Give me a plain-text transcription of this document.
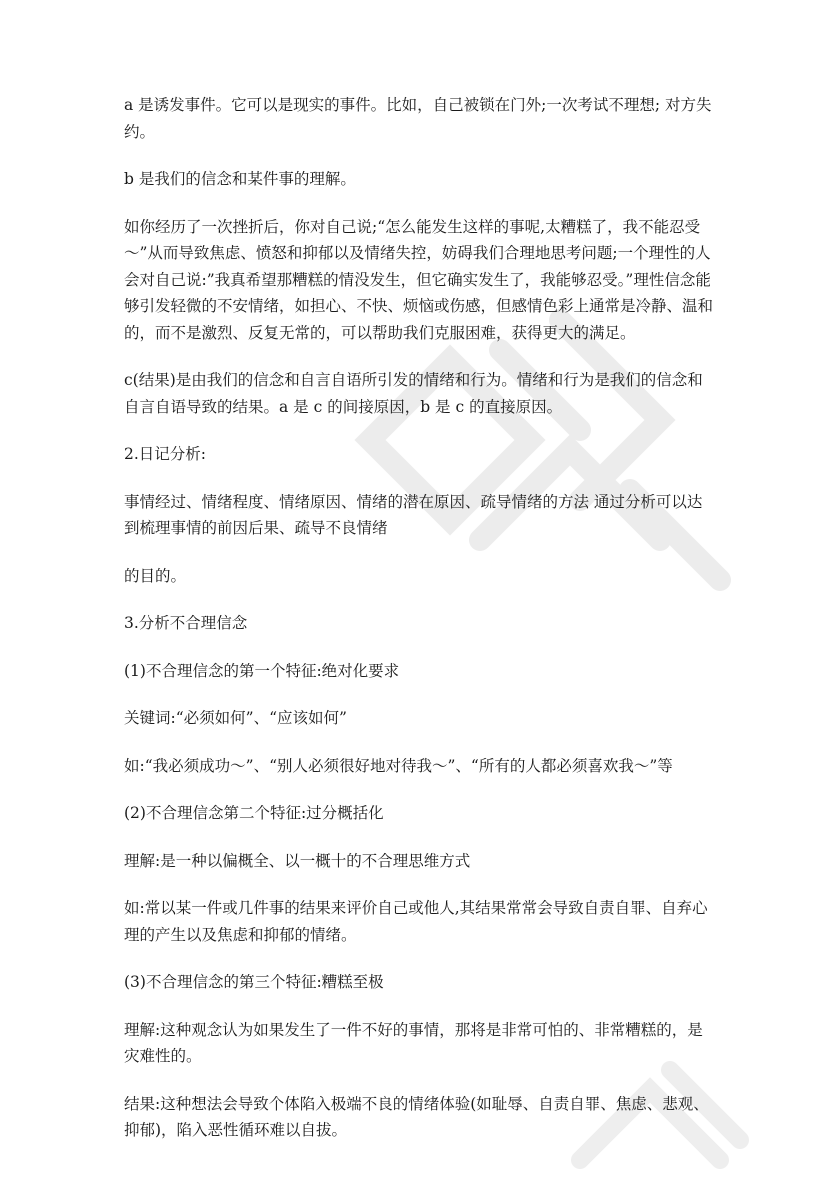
a 是诱发事件。它可以是现实的事件。比如，自己被锁在门外;一次考试不理想; 对方失约。

b 是我们的信念和某件事的理解。

如你经历了一次挫折后，你对自己说;“怎么能发生这样的事呢,太糟糕了，我不能忍受～”从而导致焦虑、愤怒和抑郁以及情绪失控，妨碍我们合理地思考问题;一个理性的人会对自己说:”我真希望那糟糕的情没发生，但它确实发生了，我能够忍受。”理性信念能够引发轻微的不安情绪，如担心、不快、烦恼或伤感，但感情色彩上通常是冷静、温和的，而不是激烈、反复无常的，可以帮助我们克服困难，获得更大的满足。

c(结果)是由我们的信念和自言自语所引发的情绪和行为。情绪和行为是我们的信念和自言自语导致的结果。a 是 c 的间接原因，b 是 c 的直接原因。

2.日记分析:

事情经过、情绪程度、情绪原因、情绪的潜在原因、疏导情绪的方法 通过分析可以达到梳理事情的前因后果、疏导不良情绪

的目的。

3.分析不合理信念

(1)不合理信念的第一个特征:绝对化要求

关键词:“必须如何”、“应该如何”

如:“我必须成功～”、“别人必须很好地对待我～”、“所有的人都必须喜欢我～”等

(2)不合理信念第二个特征:过分概括化

理解:是一种以偏概全、以一概十的不合理思维方式

如:常以某一件或几件事的结果来评价自己或他人,其结果常常会导致自责自罪、自弃心理的产生以及焦虑和抑郁的情绪。

(3)不合理信念的第三个特征:糟糕至极

理解:这种观念认为如果发生了一件不好的事情，那将是非常可怕的、非常糟糕的，是灾难性的。

结果:这种想法会导致个体陷入极端不良的情绪体验(如耻辱、自责自罪、焦虑、悲观、抑郁)，陷入恶性循环难以自拔。
